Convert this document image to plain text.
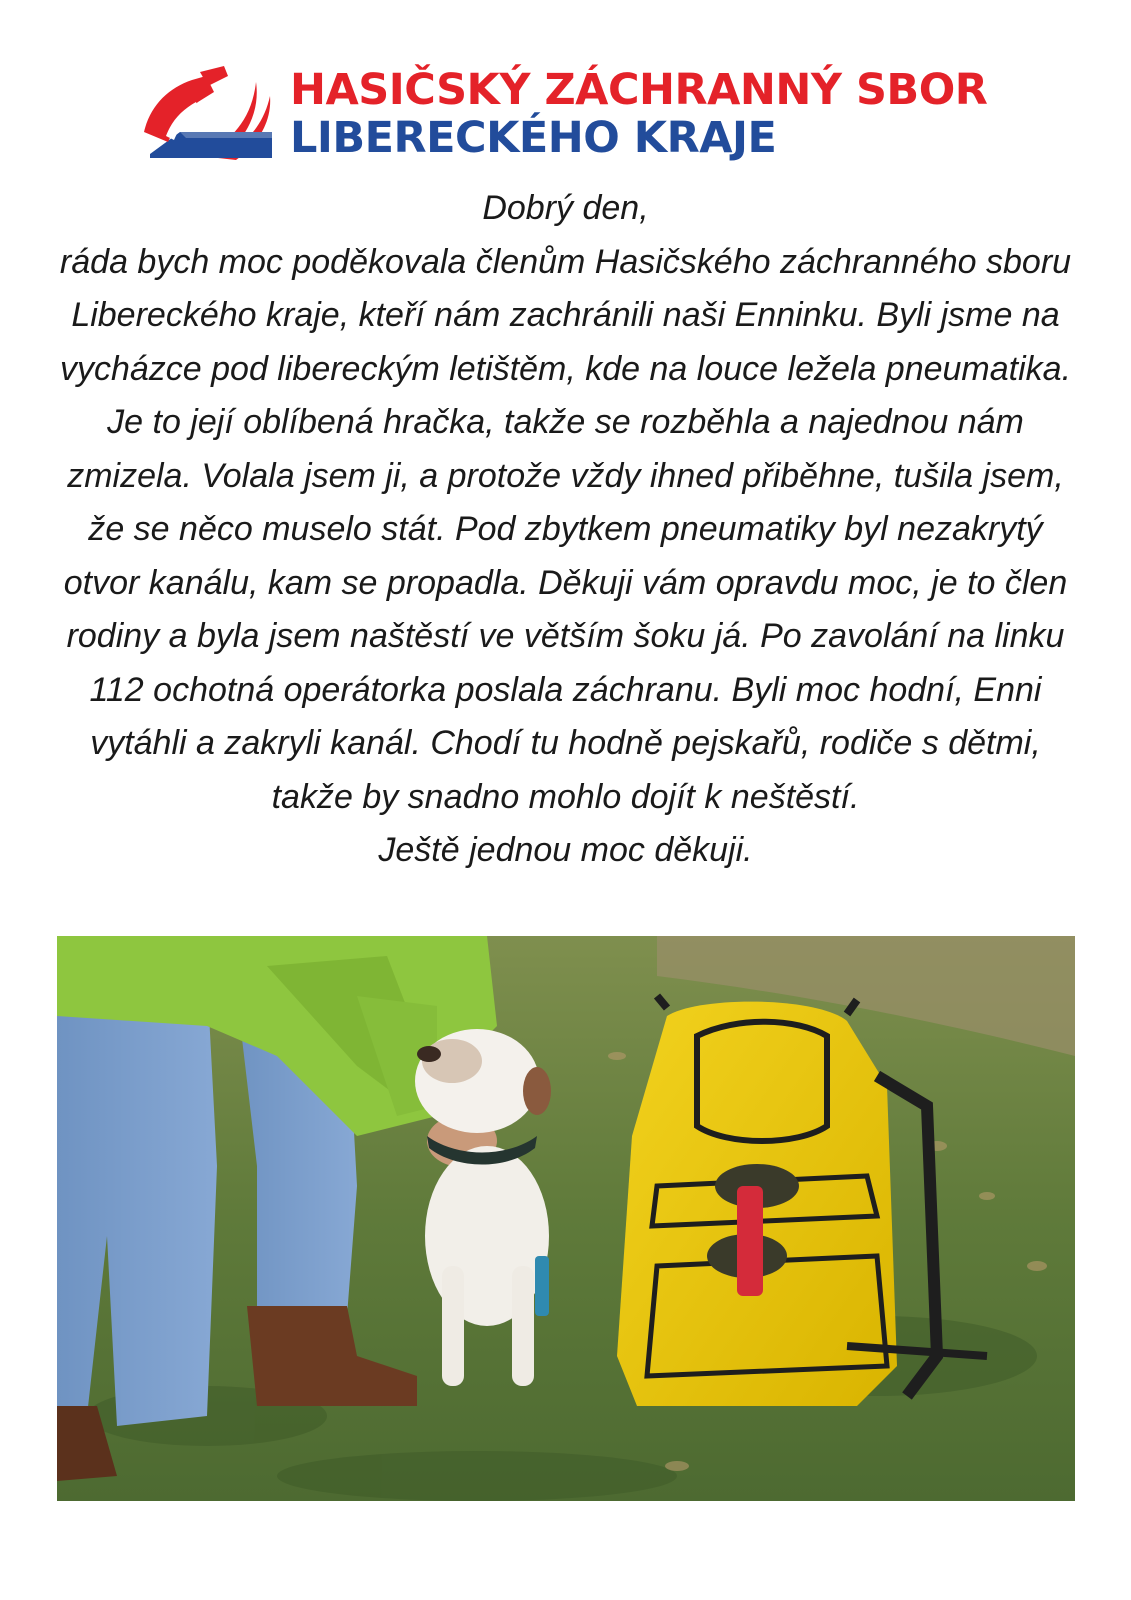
HASIČSKÝ ZÁCHRANNÝ SBOR
LIBERECKÉHO KRAJE

Dobrý den,

ráda bych moc poděkovala členům Hasičského záchranného sboru

Libereckého kraje, kteří nám zachránili naši Enninku. Byli jsme na

vycházce pod libereckým letištěm, kde na louce ležela pneumatika.

Je to její oblíbená hračka, takže se rozběhla a najednou nám

zmizela. Volala jsem ji, a protože vždy ihned přiběhne, tušila jsem,

že se něco muselo stát. Pod zbytkem pneumatiky byl nezakrytý

otvor kanálu, kam se propadla. Děkuji vám opravdu moc, je to člen

rodiny a byla jsem naštěstí ve větším šoku já. Po zavolání na linku

112 ochotná operátorka poslala záchranu. Byli moc hodní, Enni

vytáhli a zakryli kanál. Chodí tu hodně pejskařů, rodiče s dětmi,

takže by snadno mohlo dojít k neštěstí.

Ještě jednou moc děkuji.
